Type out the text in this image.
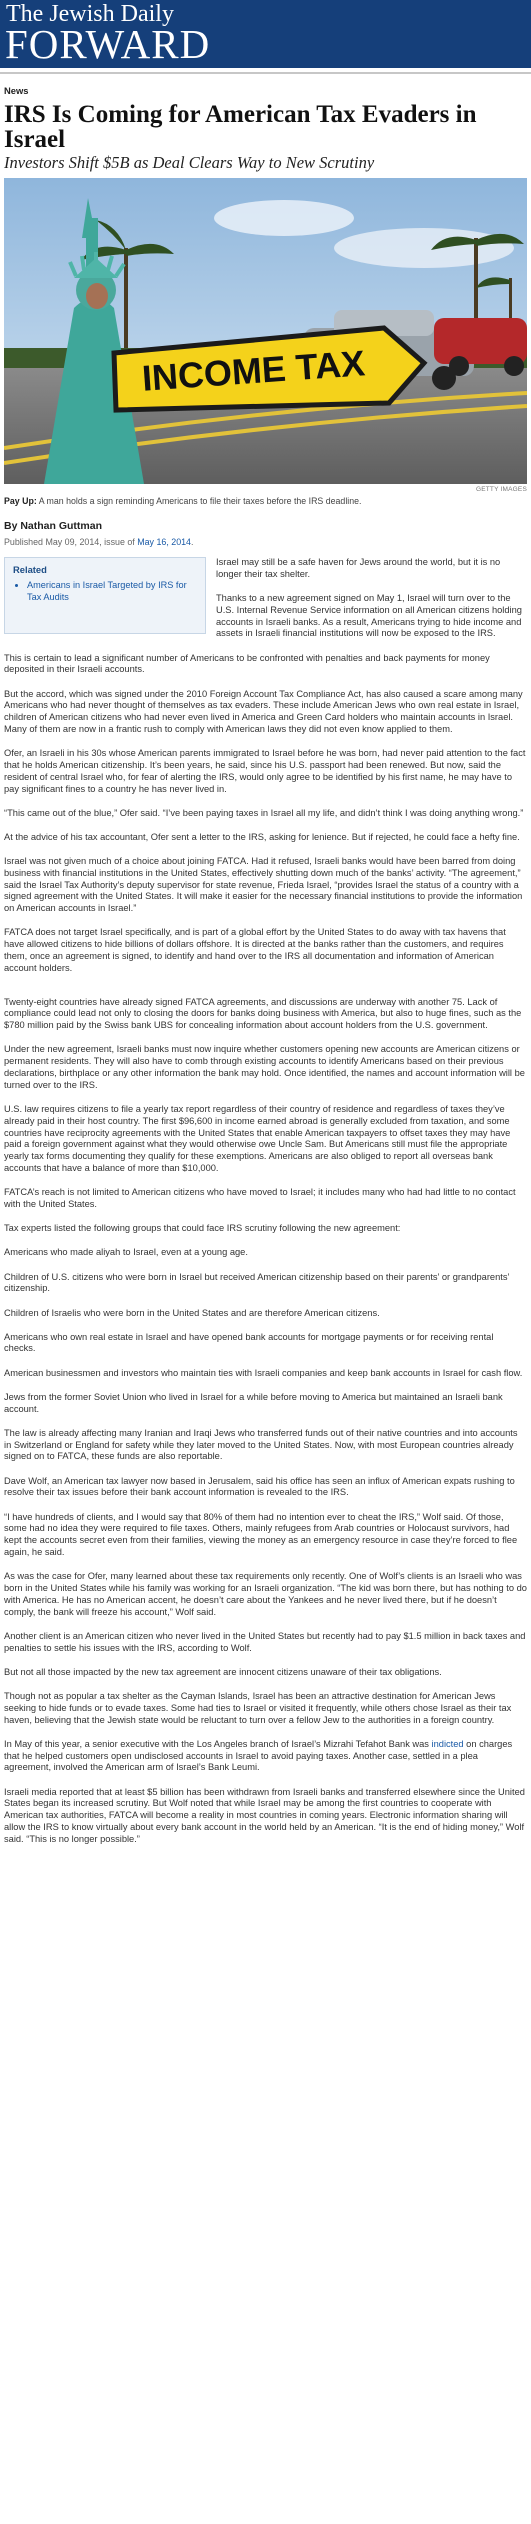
The Jewish Daily
FORWARD
News
IRS Is Coming for American Tax Evaders in Israel
Investors Shift $5B as Deal Clears Way to New Scrutiny
INCOME TAX
GETTY IMAGES
Pay Up: A man holds a sign reminding Americans to file their taxes before the IRS deadline.
By Nathan Guttman
Published May 09, 2014, issue of May 16, 2014.
Related
• Americans in Israel Targeted by IRS for Tax Audits

Israel may still be a safe haven for Jews around the world, but it is no longer their tax shelter.

Thanks to a new agreement signed on May 1, Israel will turn over to the U.S. Internal Revenue Service information on all American citizens holding accounts in Israeli banks. As a result, Americans trying to hide income and assets in Israeli financial institutions will now be exposed to the IRS.

This is certain to lead a significant number of Americans to be confronted with penalties and back payments for money deposited in their Israeli accounts.

But the accord, which was signed under the 2010 Foreign Account Tax Compliance Act, has also caused a scare among many Americans who had never thought of themselves as tax evaders. These include American Jews who own real estate in Israel, children of American citizens who had never even lived in America and Green Card holders who maintain accounts in Israel. Many of them are now in a frantic rush to comply with American laws they did not even know applied to them.

Ofer, an Israeli in his 30s whose American parents immigrated to Israel before he was born, had never paid attention to the fact that he holds American citizenship. It’s been years, he said, since his U.S. passport had been renewed. But now, said the resident of central Israel who, for fear of alerting the IRS, would only agree to be identified by his first name, he may have to pay significant fines to a country he has never lived in.

“This came out of the blue,” Ofer said. “I’ve been paying taxes in Israel all my life, and didn’t think I was doing anything wrong.”

At the advice of his tax accountant, Ofer sent a letter to the IRS, asking for lenience. But if rejected, he could face a hefty fine.

Israel was not given much of a choice about joining FATCA. Had it refused, Israeli banks would have been barred from doing business with financial institutions in the United States, effectively shutting down much of the banks’ activity. “The agreement,” said the Israel Tax Authority’s deputy supervisor for state revenue, Frieda Israel, “provides Israel the status of a country with a signed agreement with the United States. It will make it easier for the necessary financial institutions to provide the information on American accounts in Israel.”

FATCA does not target Israel specifically, and is part of a global effort by the United States to do away with tax havens that have allowed citizens to hide billions of dollars offshore. It is directed at the banks rather than the customers, and requires them, once an agreement is signed, to identify and hand over to the IRS all documentation and information of American account holders.

Twenty-eight countries have already signed FATCA agreements, and discussions are underway with another 75. Lack of compliance could lead not only to closing the doors for banks doing business with America, but also to huge fines, such as the $780 million paid by the Swiss bank UBS for concealing information about account holders from the U.S. government.

Under the new agreement, Israeli banks must now inquire whether customers opening new accounts are American citizens or permanent residents. They will also have to comb through existing accounts to identify Americans based on their previous declarations, birthplace or any other information the bank may hold. Once identified, the names and account information will be turned over to the IRS.

U.S. law requires citizens to file a yearly tax report regardless of their country of residence and regardless of taxes they’ve already paid in their host country. The first $96,600 in income earned abroad is generally excluded from taxation, and some countries have reciprocity agreements with the United States that enable American taxpayers to offset taxes they may have paid a foreign government against what they would otherwise owe Uncle Sam. But Americans still must file the appropriate yearly tax forms documenting they qualify for these exemptions. Americans are also obliged to report all overseas bank accounts that have a balance of more than $10,000.

FATCA’s reach is not limited to American citizens who have moved to Israel; it includes many who had had little to no contact with the United States.

Tax experts listed the following groups that could face IRS scrutiny following the new agreement:

Americans who made aliyah to Israel, even at a young age.

Children of U.S. citizens who were born in Israel but received American citizenship based on their parents’ or grandparents’ citizenship.

Children of Israelis who were born in the United States and are therefore American citizens.

Americans who own real estate in Israel and have opened bank accounts for mortgage payments or for receiving rental checks.

American businessmen and investors who maintain ties with Israeli companies and keep bank accounts in Israel for cash flow.

Jews from the former Soviet Union who lived in Israel for a while before moving to America but maintained an Israeli bank account.

The law is already affecting many Iranian and Iraqi Jews who transferred funds out of their native countries and into accounts in Switzerland or England for safety while they later moved to the United States. Now, with most European countries already signed on to FATCA, these funds are also reportable.

Dave Wolf, an American tax lawyer now based in Jerusalem, said his office has seen an influx of American expats rushing to resolve their tax issues before their bank account information is revealed to the IRS.

“I have hundreds of clients, and I would say that 80% of them had no intention ever to cheat the IRS,” Wolf said. Of those, some had no idea they were required to file taxes. Others, mainly refugees from Arab countries or Holocaust survivors, had kept the accounts secret even from their families, viewing the money as an emergency resource in case they’re forced to flee again, he said.

As was the case for Ofer, many learned about these tax requirements only recently. One of Wolf’s clients is an Israeli who was born in the United States while his family was working for an Israeli organization. “The kid was born there, but has nothing to do with America. He has no American accent, he doesn’t care about the Yankees and he never lived there, but if he doesn’t comply, the bank will freeze his account,” Wolf said.

Another client is an American citizen who never lived in the United States but recently had to pay $1.5 million in back taxes and penalties to settle his issues with the IRS, according to Wolf.

But not all those impacted by the new tax agreement are innocent citizens unaware of their tax obligations.

Though not as popular a tax shelter as the Cayman Islands, Israel has been an attractive destination for American Jews seeking to hide funds or to evade taxes. Some had ties to Israel or visited it frequently, while others chose Israel as their tax haven, believing that the Jewish state would be reluctant to turn over a fellow Jew to the authorities in a foreign country.

In May of this year, a senior executive with the Los Angeles branch of Israel’s Mizrahi Tefahot Bank was indicted on charges that he helped customers open undisclosed accounts in Israel to avoid paying taxes. Another case, settled in a plea agreement, involved the American arm of Israel’s Bank Leumi.

Israeli media reported that at least $5 billion has been withdrawn from Israeli banks and transferred elsewhere since the United States began its increased scrutiny. But Wolf noted that while Israel may be among the first countries to cooperate with American tax authorities, FATCA will become a reality in most countries in coming years. Electronic information sharing will allow the IRS to know virtually about every bank account in the world held by an American. “It is the end of hiding money,” Wolf said. “This is no longer possible.”
